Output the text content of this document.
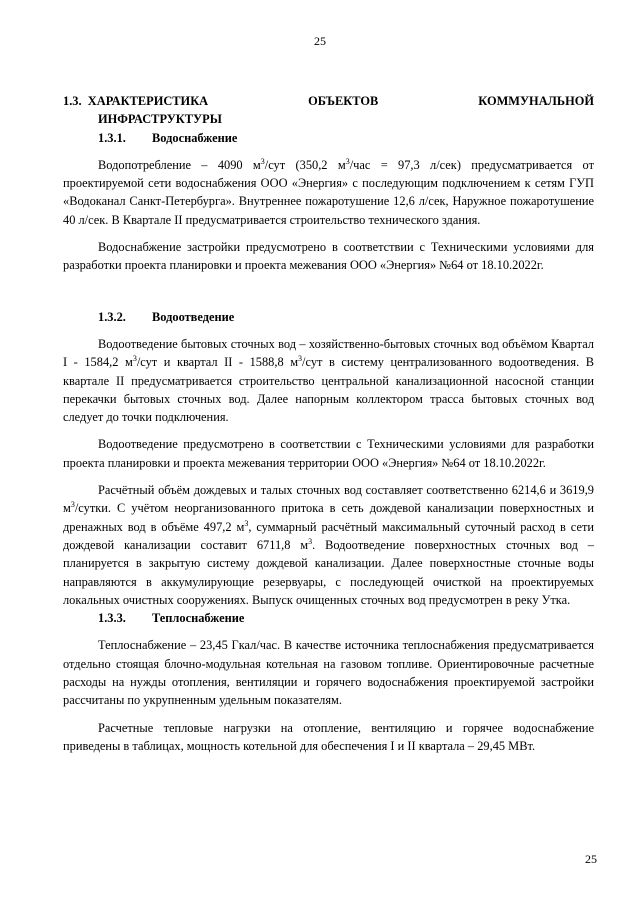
25
1.3. ХАРАКТЕРИСТИКА	ОБЪЕКТОВ	КОММУНАЛЬНОЙ
ИНФРАСТРУКТУРЫ
1.3.1. Водоснабжение

Водопотребление – 4090 $м^3$/сут (350,2 $м^3$/час = 97,3 л/сек) предусматривается от проектируемой сети водоснабжения ООО «Энергия» с последующим подключением к сетям ГУП «Водоканал Санкт-Петербурга». Внутреннее пожаротушение 12,6 л/сек, Наружное пожаротушение 40 л/сек. В Квартале II предусматривается строительство технического здания.

Водоснабжение застройки предусмотрено в соответствии с Техническими условиями для разработки проекта планировки и проекта межевания ООО «Энергия» №64 от 18.10.2022г.

1.3.2. Водоотведение

Водоотведение бытовых сточных вод – хозяйственно-бытовых сточных вод объёмом Квартал I - 1584,2 $м^3$/сут и квартал II - 1588,8 $м^3$/сут в систему централизованного водоотведения. В квартале II предусматривается строительство центральной канализационной насосной станции перекачки бытовых сточных вод. Далее напорным коллектором трасса бытовых сточных вод следует до точки подключения.

Водоотведение предусмотрено в соответствии с Техническими условиями для разработки проекта планировки и проекта межевания территории ООО «Энергия» №64 от 18.10.2022г.

Расчётный объём дождевых и талых сточных вод составляет соответственно 6214,6 и 3619,9 $м^3$/сутки. С учётом неорганизованного притока в сеть дождевой канализации поверхностных и дренажных вод в объёме 497,2 $м^3$, суммарный расчётный максимальный суточный расход в сети дождевой канализации составит 6711,8 $м^3$. Водоотведение поверхностных сточных вод – планируется в закрытую систему дождевой канализации. Далее поверхностные сточные воды направляются в аккумулирующие резервуары, с последующей очисткой на проектируемых локальных очистных сооружениях. Выпуск очищенных сточных вод предусмотрен в реку Утка.

1.3.3. Теплоснабжение

Теплоснабжение – 23,45 Гкал/час. В качестве источника теплоснабжения предусматривается отдельно стоящая блочно-модульная котельная на газовом топливе. Ориентировочные расчетные расходы на нужды отопления, вентиляции и горячего водоснабжения проектируемой застройки рассчитаны по укрупненным удельным показателям.

Расчетные тепловые нагрузки на отопление, вентиляцию и горячее водоснабжение приведены в таблицах, мощность котельной для обеспечения I и II квартала – 29,45 МВт.

25
